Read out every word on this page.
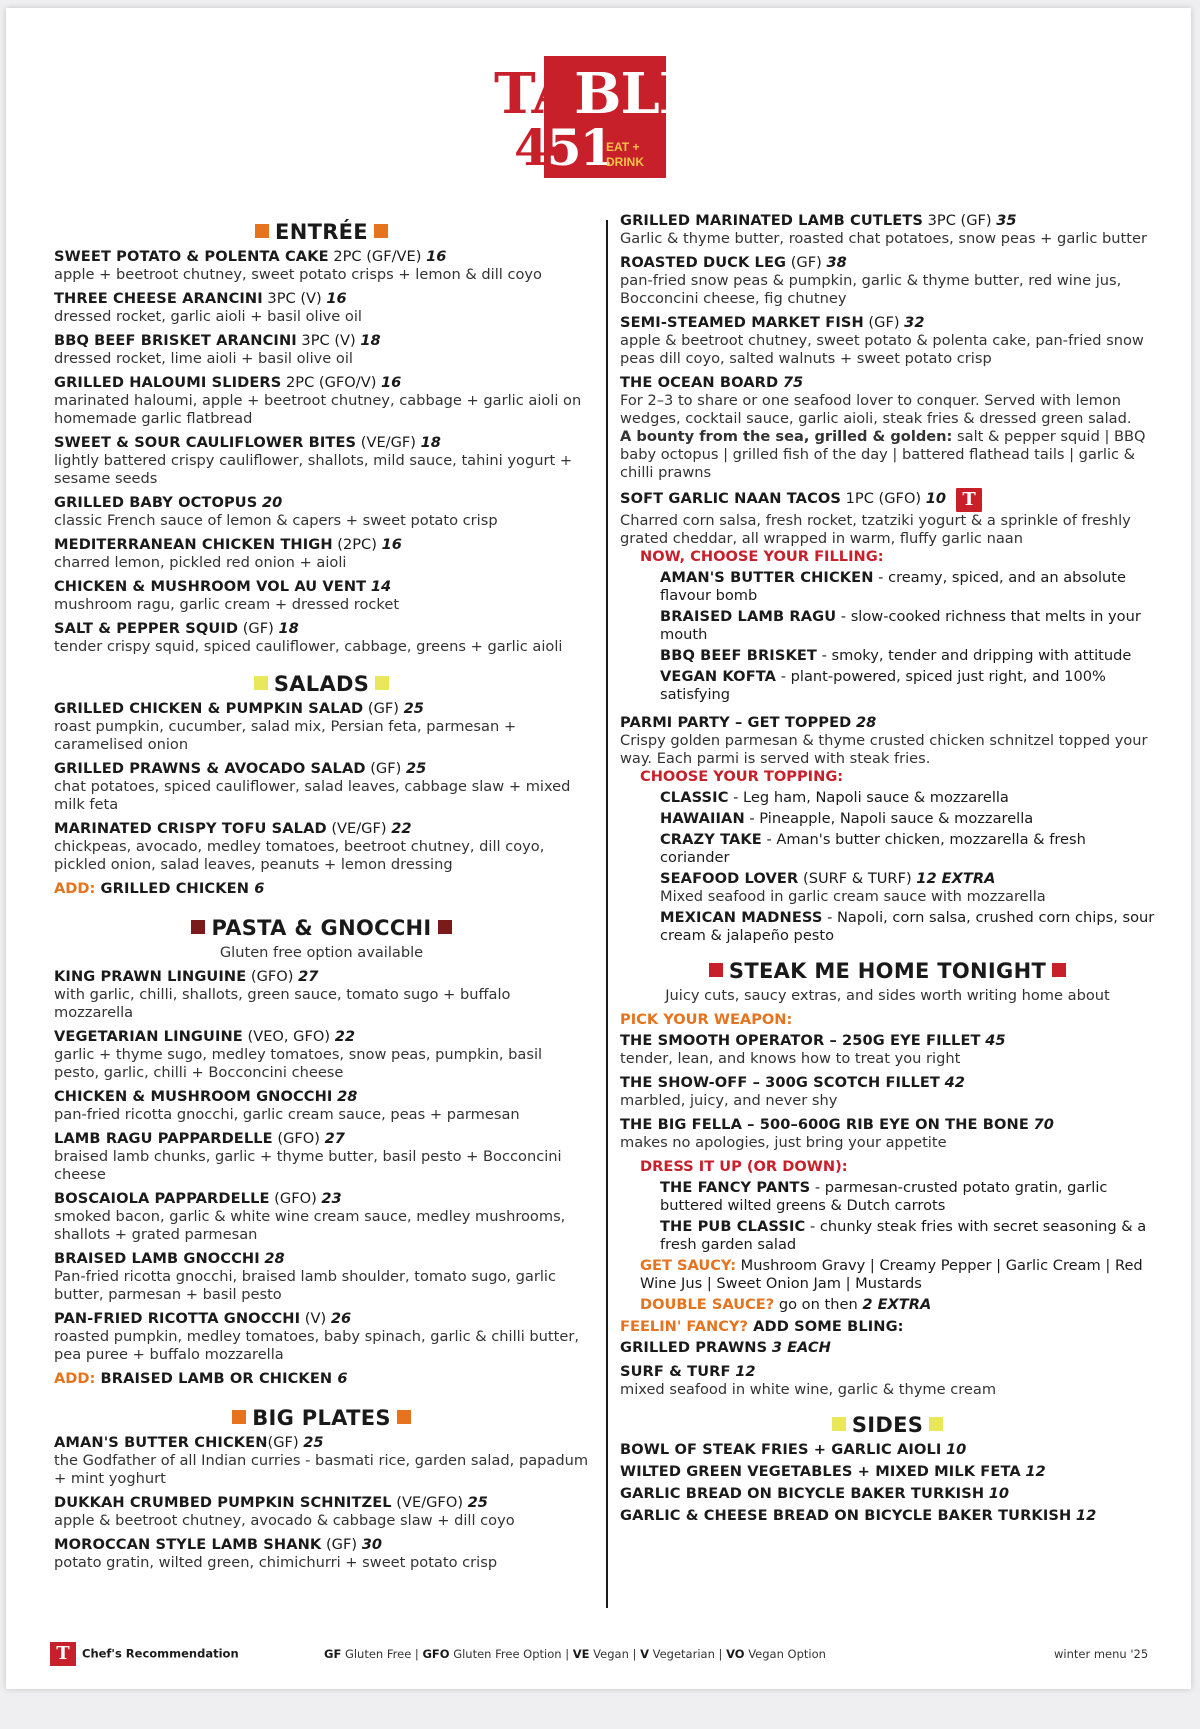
TABLE
451
EAT +
DRINK
ENTRÉE
SWEET POTATO & POLENTA CAKE 2PC (GF/VE) 16
apple + beetroot chutney, sweet potato crisps + lemon & dill coyo
THREE CHEESE ARANCINI 3PC (V) 16
dressed rocket, garlic aioli + basil olive oil
BBQ BEEF BRISKET ARANCINI 3PC (V) 18
dressed rocket, lime aioli + basil olive oil
GRILLED HALOUMI SLIDERS 2PC (GFO/V) 16
marinated haloumi, apple + beetroot chutney, cabbage + garlic aioli on homemade garlic flatbread
SWEET & SOUR CAULIFLOWER BITES (VE/GF) 18
lightly battered crispy cauliflower, shallots, mild sauce, tahini yogurt + sesame seeds
GRILLED BABY OCTOPUS 20
classic French sauce of lemon & capers + sweet potato crisp
MEDITERRANEAN CHICKEN THIGH (2PC) 16
charred lemon, pickled red onion + aioli
CHICKEN & MUSHROOM VOL AU VENT 14
mushroom ragu, garlic cream + dressed rocket
SALT & PEPPER SQUID (GF) 18
tender crispy squid, spiced cauliflower, cabbage, greens + garlic aioli
SALADS
GRILLED CHICKEN & PUMPKIN SALAD (GF) 25
roast pumpkin, cucumber, salad mix, Persian feta, parmesan + caramelised onion
GRILLED PRAWNS & AVOCADO SALAD (GF) 25
chat potatoes, spiced cauliflower, salad leaves, cabbage slaw + mixed milk feta
MARINATED CRISPY TOFU SALAD (VE/GF) 22
chickpeas, avocado, medley tomatoes, beetroot chutney, dill coyo, pickled onion, salad leaves, peanuts + lemon dressing
ADD: GRILLED CHICKEN 6
PASTA & GNOCCHI
Gluten free option available
KING PRAWN LINGUINE (GFO) 27
with garlic, chilli, shallots, green sauce, tomato sugo + buffalo mozzarella
VEGETARIAN LINGUINE (VEO, GFO) 22
garlic + thyme sugo, medley tomatoes, snow peas, pumpkin, basil pesto, garlic, chilli + Bocconcini cheese
CHICKEN & MUSHROOM GNOCCHI 28
pan-fried ricotta gnocchi, garlic cream sauce, peas + parmesan
LAMB RAGU PAPPARDELLE (GFO) 27
braised lamb chunks, garlic + thyme butter, basil pesto + Bocconcini cheese
BOSCAIOLA PAPPARDELLE (GFO) 23
smoked bacon, garlic & white wine cream sauce, medley mushrooms, shallots + grated parmesan
BRAISED LAMB GNOCCHI 28
Pan-fried ricotta gnocchi, braised lamb shoulder, tomato sugo, garlic butter, parmesan + basil pesto
PAN-FRIED RICOTTA GNOCCHI (V) 26
roasted pumpkin, medley tomatoes, baby spinach, garlic & chilli butter, pea puree + buffalo mozzarella
ADD: BRAISED LAMB OR CHICKEN 6
BIG PLATES
AMAN'S BUTTER CHICKEN(GF) 25
the Godfather of all Indian curries - basmati rice, garden salad, papadum + mint yoghurt
DUKKAH CRUMBED PUMPKIN SCHNITZEL (VE/GFO) 25
apple & beetroot chutney, avocado & cabbage slaw + dill coyo
MOROCCAN STYLE LAMB SHANK (GF) 30
potato gratin, wilted green, chimichurri + sweet potato crisp
GRILLED MARINATED LAMB CUTLETS 3PC (GF) 35
Garlic & thyme butter, roasted chat potatoes, snow peas + garlic butter
ROASTED DUCK LEG (GF) 38
pan-fried snow peas & pumpkin, garlic & thyme butter, red wine jus, Bocconcini cheese, fig chutney
SEMI-STEAMED MARKET FISH (GF) 32
apple & beetroot chutney, sweet potato & polenta cake, pan-fried snow peas dill coyo, salted walnuts + sweet potato crisp
THE OCEAN BOARD 75
For 2–3 to share or one seafood lover to conquer. Served with lemon wedges, cocktail sauce, garlic aioli, steak fries & dressed green salad.
A bounty from the sea, grilled & golden: salt & pepper squid | BBQ baby octopus | grilled fish of the day | battered flathead tails | garlic & chilli prawns
SOFT GARLIC NAAN TACOS 1PC (GFO) 10 T
Charred corn salsa, fresh rocket, tzatziki yogurt & a sprinkle of freshly grated cheddar, all wrapped in warm, fluffy garlic naan
NOW, CHOOSE YOUR FILLING:
AMAN'S BUTTER CHICKEN - creamy, spiced, and an absolute flavour bomb
BRAISED LAMB RAGU - slow-cooked richness that melts in your mouth
BBQ BEEF BRISKET - smoky, tender and dripping with attitude
VEGAN KOFTA - plant-powered, spiced just right, and 100% satisfying
PARMI PARTY – GET TOPPED 28
Crispy golden parmesan & thyme crusted chicken schnitzel topped your way. Each parmi is served with steak fries.
CHOOSE YOUR TOPPING:
CLASSIC - Leg ham, Napoli sauce & mozzarella
HAWAIIAN - Pineapple, Napoli sauce & mozzarella
CRAZY TAKE - Aman's butter chicken, mozzarella & fresh coriander
SEAFOOD LOVER (SURF & TURF) 12 EXTRA
Mixed seafood in garlic cream sauce with mozzarella
MEXICAN MADNESS - Napoli, corn salsa, crushed corn chips, sour cream & jalapeño pesto
STEAK ME HOME TONIGHT
Juicy cuts, saucy extras, and sides worth writing home about
PICK YOUR WEAPON:
THE SMOOTH OPERATOR – 250G EYE FILLET 45
tender, lean, and knows how to treat you right
THE SHOW-OFF – 300G SCOTCH FILLET 42
marbled, juicy, and never shy
THE BIG FELLA – 500–600G RIB EYE ON THE BONE 70
makes no apologies, just bring your appetite
DRESS IT UP (OR DOWN):
THE FANCY PANTS - parmesan-crusted potato gratin, garlic buttered wilted greens & Dutch carrots
THE PUB CLASSIC - chunky steak fries with secret seasoning & a fresh garden salad
GET SAUCY: Mushroom Gravy | Creamy Pepper | Garlic Cream | Red Wine Jus | Sweet Onion Jam | Mustards
DOUBLE SAUCE? go on then 2 EXTRA
FEELIN' FANCY? ADD SOME BLING:
GRILLED PRAWNS 3 EACH
SURF & TURF 12
mixed seafood in white wine, garlic & thyme cream
SIDES
BOWL OF STEAK FRIES + GARLIC AIOLI 10
WILTED GREEN VEGETABLES + MIXED MILK FETA 12
GARLIC BREAD ON BICYCLE BAKER TURKISH 10
GARLIC & CHEESE BREAD ON BICYCLE BAKER TURKISH 12
T Chef's Recommendation	GF Gluten Free | GFO Gluten Free Option | VE Vegan | V Vegetarian | VO Vegan Option	winter menu '25
